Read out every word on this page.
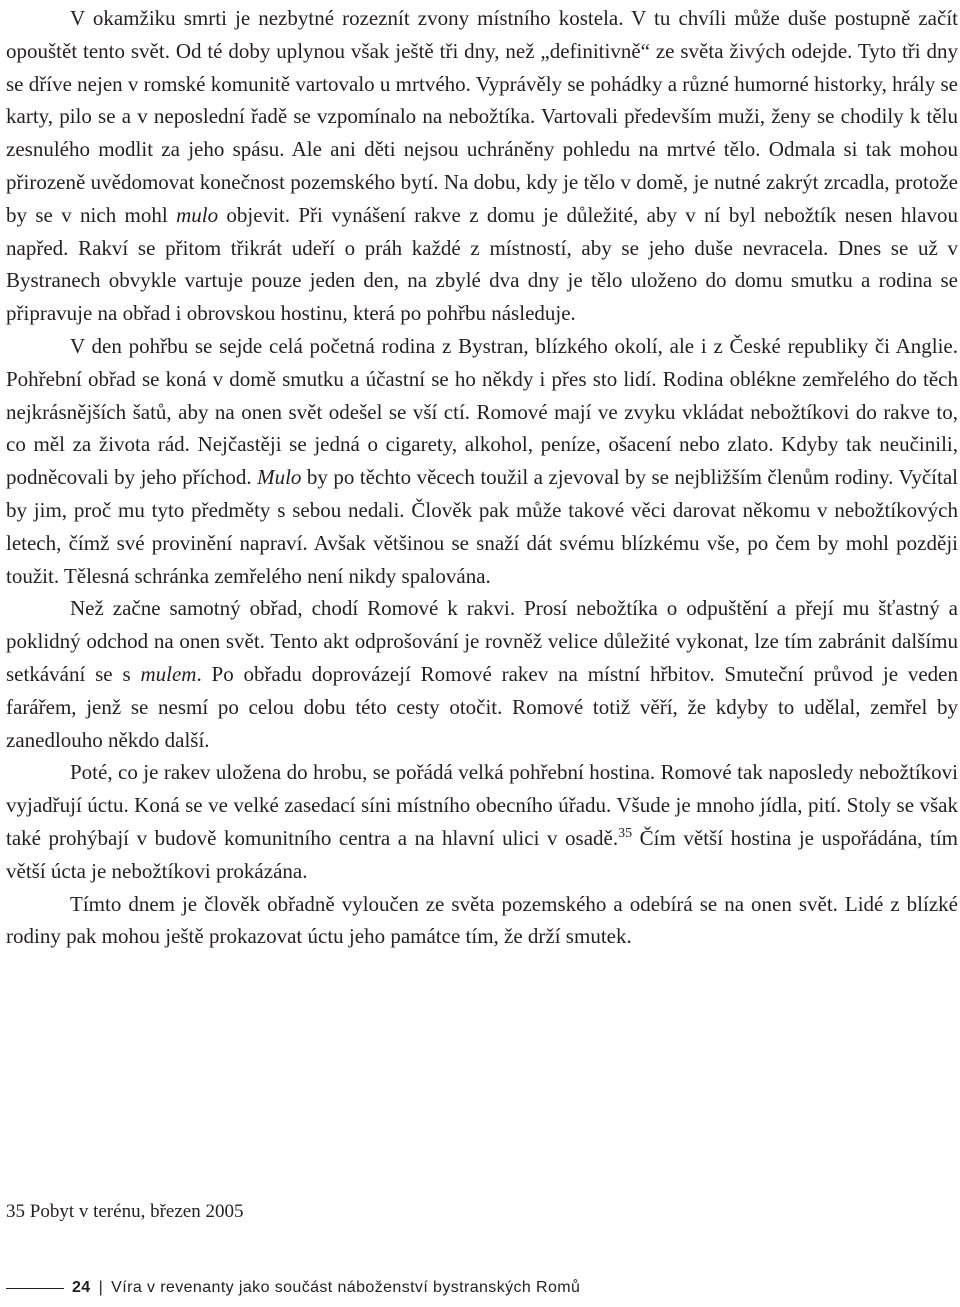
V okamžiku smrti je nezbytné rozeznít zvony místního kostela. V tu chvíli může duše postupně začít opouštět tento svět. Od té doby uplynou však ještě tři dny, než „definitivně“ ze světa živých odejde. Tyto tři dny se dříve nejen v romské komunitě vartovalo u mrtvého. Vyprávěly se pohádky a různé humorné historky, hrály se karty, pilo se a v neposlední řadě se vzpomínalo na nebožtíka. Vartovali především muži, ženy se chodily k tělu zesnulého modlit za jeho spásu. Ale ani děti nejsou uchráněny pohledu na mrtvé tělo. Odmala si tak mohou přirozeně uvědomovat konečnost pozemského bytí. Na dobu, kdy je tělo v domě, je nutné zakrýt zrcadla, protože by se v nich mohl mulo objevit. Při vynášení rakve z domu je důležité, aby v ní byl nebožtík nesen hlavou napřed. Rakví se přitom třikrát udeří o práh každé z místností, aby se jeho duše nevracela. Dnes se už v Bystranech obvykle vartuje pouze jeden den, na zbylé dva dny je tělo uloženo do domu smutku a rodina se připravuje na obřad i obrovskou hostinu, která po pohřbu následuje.

V den pohřbu se sejde celá početná rodina z Bystran, blízkého okolí, ale i z České republiky či Anglie. Pohřební obřad se koná v domě smutku a účastní se ho někdy i přes sto lidí. Rodina oblékne zemřelého do těch nejkrásnějších šatů, aby na onen svět odešel se vší ctí. Romové mají ve zvyku vkládat nebožtíkovi do rakve to, co měl za života rád. Nejčastěji se jedná o cigarety, alkohol, peníze, ošacení nebo zlato. Kdyby tak neučinili, podněcovali by jeho příchod. Mulo by po těchto věcech toužil a zjevoval by se nejbližším členům rodiny. Vyčítal by jim, proč mu tyto předměty s sebou nedali. Člověk pak může takové věci darovat někomu v nebožtíkových letech, čímž své provinění napraví. Avšak většinou se snaží dát svému blízkému vše, po čem by mohl později toužit. Tělesná schránka zemřelého není nikdy spalována.

Než začne samotný obřad, chodí Romové k rakvi. Prosí nebožtíka o odpuštění a přejí mu šťastný a poklidný odchod na onen svět. Tento akt odprošování je rovněž velice důležité vykonat, lze tím zabránit dalšímu setkávání se s mulem. Po obřadu doprovázejí Romové rakev na místní hřbitov. Smuteční průvod je veden farářem, jenž se nesmí po celou dobu této cesty otočit. Romové totiž věří, že kdyby to udělal, zemřel by zanedlouho někdo další.

Poté, co je rakev uložena do hrobu, se pořádá velká pohřební hostina. Romové tak naposledy nebožtíkovi vyjadřují úctu. Koná se ve velké zasedací síni místního obecního úřadu. Všude je mnoho jídla, pití. Stoly se však také prohýbají v budově komunitního centra a na hlavní ulici v osadě.$^{35}$ Čím větší hostina je uspořádána, tím větší úcta je nebožtíkovi prokázána.

Tímto dnem je člověk obřadně vyloučen ze světa pozemského a odebírá se na onen svět. Lidé z blízké rodiny pak mohou ještě prokazovat úctu jeho památce tím, že drží smutek.

35 Pobyt v terénu, březen 2005

24 | Víra v revenanty jako součást náboženství bystranských Romů
